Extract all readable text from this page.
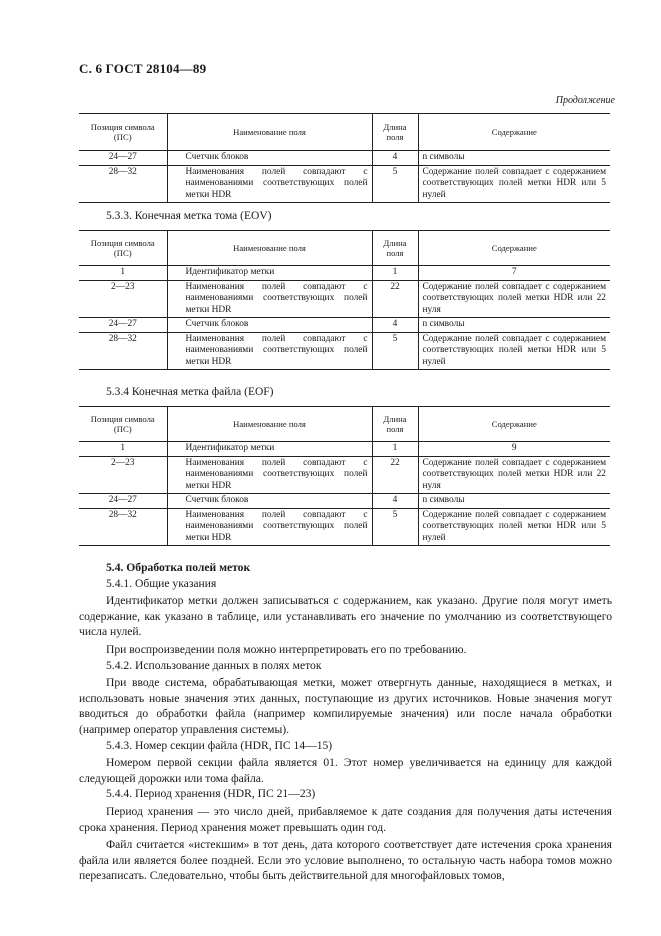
С. 6 ГОСТ 28104—89
Продолжение
Позиция символа (ПС)	Наименование поля	Длина поля	Содержание
24—27	Счетчик блоков	4	n символы
28—32	Наименования полей совпадают с наименованиями соответствующих полей метки HDR	5	Содержание полей совпадает с содержанием соответствующих полей метки HDR или 5 нулей
5.3.3. Конечная метка тома (EOV)
Позиция символа (ПС)	Наименование поля	Длина поля	Содержание
1	Идентификатор метки	1	7
2—23	Наименования полей совпадают с наименованиями соответствующих полей метки HDR	22	Содержание полей совпадает с содержанием соответствующих полей метки HDR или 22 нуля
24—27	Счетчик блоков	4	n символы
28—32	Наименования полей совпадают с наименованиями соответствующих полей метки HDR	5	Содержание полей совпадает с содержанием соответствующих полей метки HDR или 5 нулей
5.3.4 Конечная метка файла (EOF)
Позиция символа (ПС)	Наименование поля	Длина поля	Содержание
1	Идентификатор метки	1	9
2—23	Наименования полей совпадают с наименованиями соответствующих полей метки HDR	22	Содержание полей совпадает с содержанием соответствующих полей метки HDR или 22 нуля
24—27	Счетчик блоков	4	n символы
28—32	Наименования полей совпадают с наименованиями соответствующих полей метки HDR	5	Содержание полей совпадает с содержанием соответствующих полей метки HDR или 5 нулей

5.4. Обработка полей меток

5.4.1. Общие указания

Идентификатор метки должен записываться с содержанием, как указано. Другие поля могут иметь содержание, как указано в таблице, или устанавливать его значение по умолчанию из соответствующего числа нулей.

При воспроизведении поля можно интерпретировать его по требованию.

5.4.2. Использование данных в полях меток

При вводе система, обрабатывающая метки, может отвергнуть данные, находящиеся в метках, и использовать новые значения этих данных, поступающие из других источников. Новые значения могут вводиться до обработки файла (например компилируемые значения) или после начала обработки (например оператор управления системы).

5.4.3. Номер секции файла (HDR, ПС 14—15)

Номером первой секции файла является 01. Этот номер увеличивается на единицу для каждой следующей дорожки или тома файла.

5.4.4. Период хранения (HDR, ПС 21—23)

Период хранения — это число дней, прибавляемое к дате создания для получения даты истечения срока хранения. Период хранения может превышать один год.

Файл считается «истекшим» в тот день, дата которого соответствует дате истечения срока хранения файла или является более поздней. Если это условие выполнено, то остальную часть набора томов можно перезаписать. Следовательно, чтобы быть действительной для многофайловых томов,
